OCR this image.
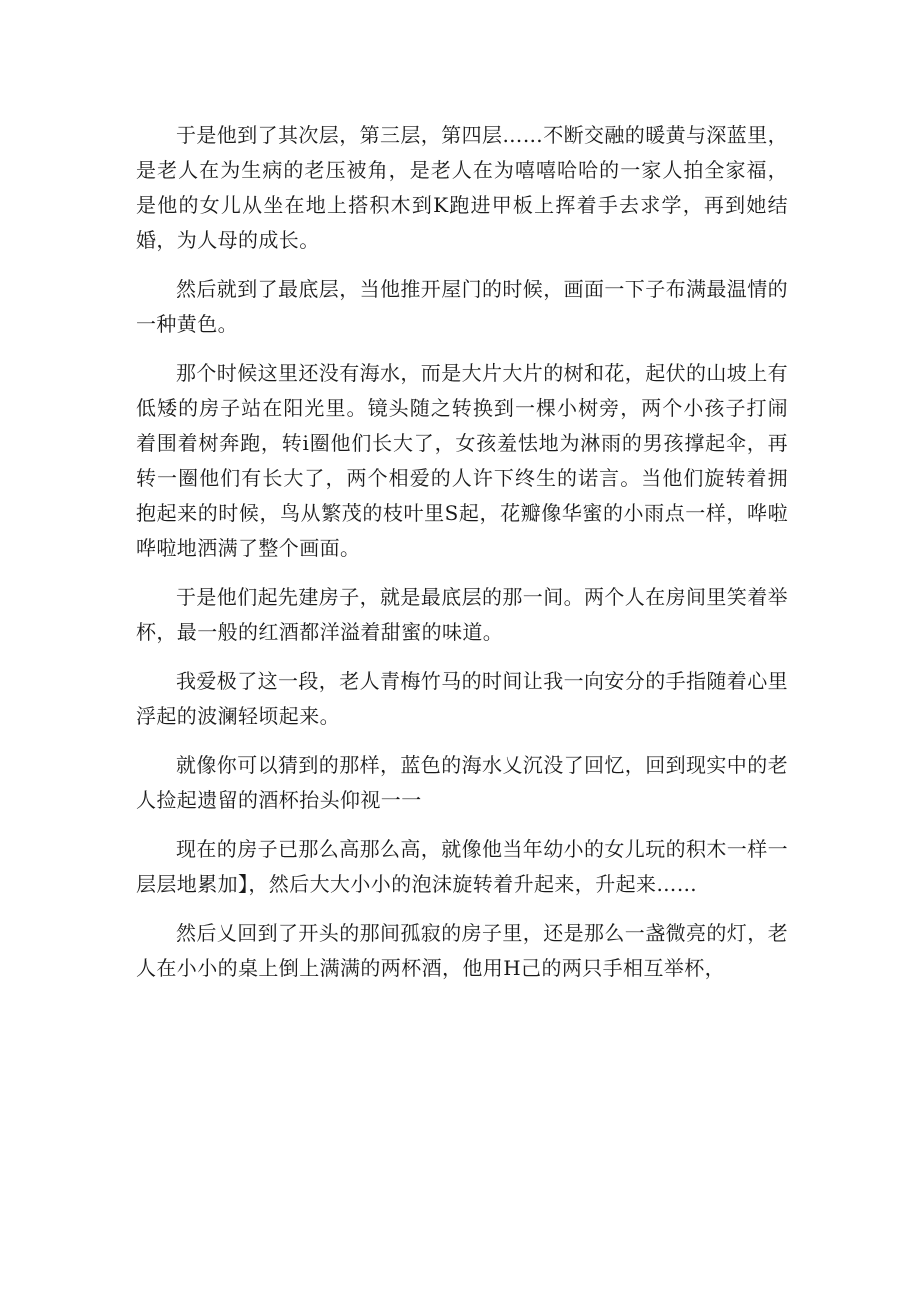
于是他到了其次层，第三层，第四层……不断交融的暖黄与深蓝里，是老人在为生病的老压被角，是老人在为嘻嘻哈哈的一家人拍全家福，是他的女儿从坐在地上搭积木到K跑进甲板上挥着手去求学，再到她结婚，为人母的成长。

然后就到了最底层，当他推开屋门的时候，画面一下子布满最温情的一种黄色。

那个时候这里还没有海水，而是大片大片的树和花，起伏的山坡上有低矮的房子站在阳光里。镜头随之转换到一棵小树旁，两个小孩子打闹着围着树奔跑，转i圈他们长大了，女孩羞怯地为淋雨的男孩撑起伞，再转一圈他们有长大了，两个相爱的人许下终生的诺言。当他们旋转着拥抱起来的时候，鸟从繁茂的枝叶里S起，花瓣像华蜜的小雨点一样，哗啦哗啦地洒满了整个画面。

于是他们起先建房子，就是最底层的那一间。两个人在房间里笑着举杯，最一般的红酒都洋溢着甜蜜的味道。

我爱极了这一段，老人青梅竹马的时间让我一向安分的手指随着心里浮起的波澜轻顷起来。

就像你可以猜到的那样，蓝色的海水乂沉没了回忆，回到现实中的老人捡起遗留的酒杯抬头仰视一一

现在的房子已那么高那么高，就像他当年幼小的女儿玩的积木一样一层层地累加】，然后大大小小的泡沫旋转着升起来，升起来……

然后乂回到了开头的那间孤寂的房子里，还是那么一盏微亮的灯，老人在小小的桌上倒上满满的两杯酒，他用H己的两只手相互举杯，
